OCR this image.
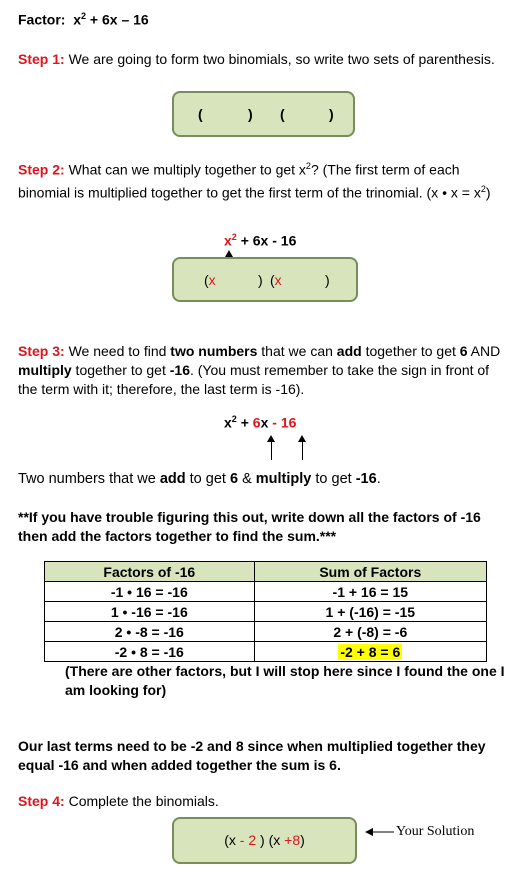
Factor: $x^2 + 6x - 16$
Step 1: We are going to form two binomials, so write two sets of parenthesis.
(	) (	)
Step 2: What can we multiply together to get $x^2$? (The first term of each binomial is multiplied together to get the first term of the trinomial. (x • $x = x^2$)
$x^2 + 6x - 16$
(x	) (x	)
Step 3: We need to find two numbers that we can add together to get 6 AND multiply together to get -16. (You must remember to take the sign in front of the term with it; therefore, the last term is -16).
$x^2 + 6x - 16$
Two numbers that we add to get 6 & multiply to get -16.
**If you have trouble figuring this out, write down all the factors of -16 then add the factors together to find the sum.***
Factors of -16	Sum of Factors
-1 • 16 = -16	-1 + 16 = 15
1 • -16 = -16	1 + (-16) = -15
2 • -8 = -16	2 + (-8) = -6
-2 • 8 = -16	-2 + 8 = 6
(There are other factors, but I will stop here since I found the one I am looking for)
Our last terms need to be -2 and 8 since when multiplied together they equal -16 and when added together the sum is 6.
Step 4: Complete the binomials.
(x - 2 ) (x +8)
Your Solution
